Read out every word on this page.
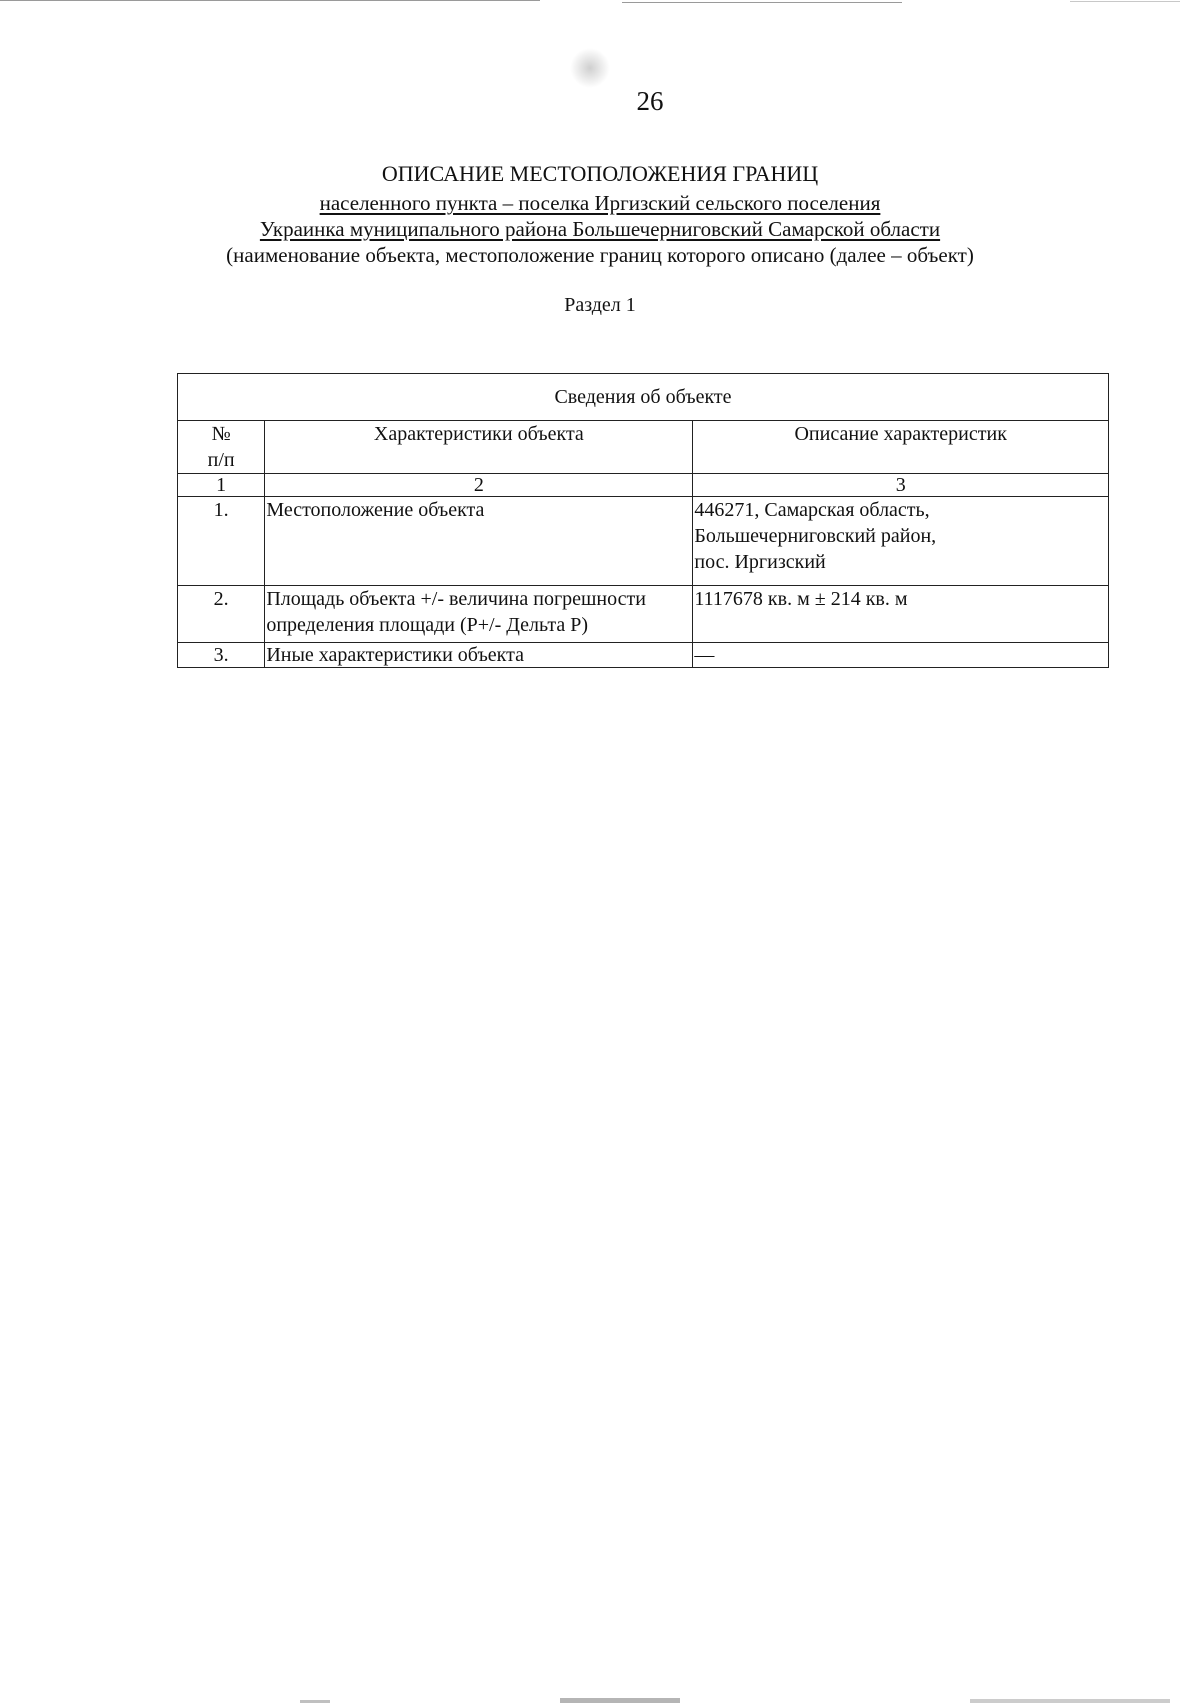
26
ОПИСАНИЕ МЕСТОПОЛОЖЕНИЯ ГРАНИЦ
населенного пункта – поселка Иргизский сельского поселения
Украинка муниципального района Большечерниговский Самарской области
(наименование объекта, местоположение границ которого описано (далее – объект)
Раздел 1
Сведения об объекте		

№
п/п	Характеристики объекта	Описание характеристик
1	2	3
1.	Местоположение объекта	446271, Самарская область,
Большечерниговский район,
пос. Иргизский

2.	Площадь объекта +/- величина погрешности
определения площади (Р+/- Дельта Р)	1117678 кв. м ± 214 кв. м
3.	Иные характеристики объекта	—
